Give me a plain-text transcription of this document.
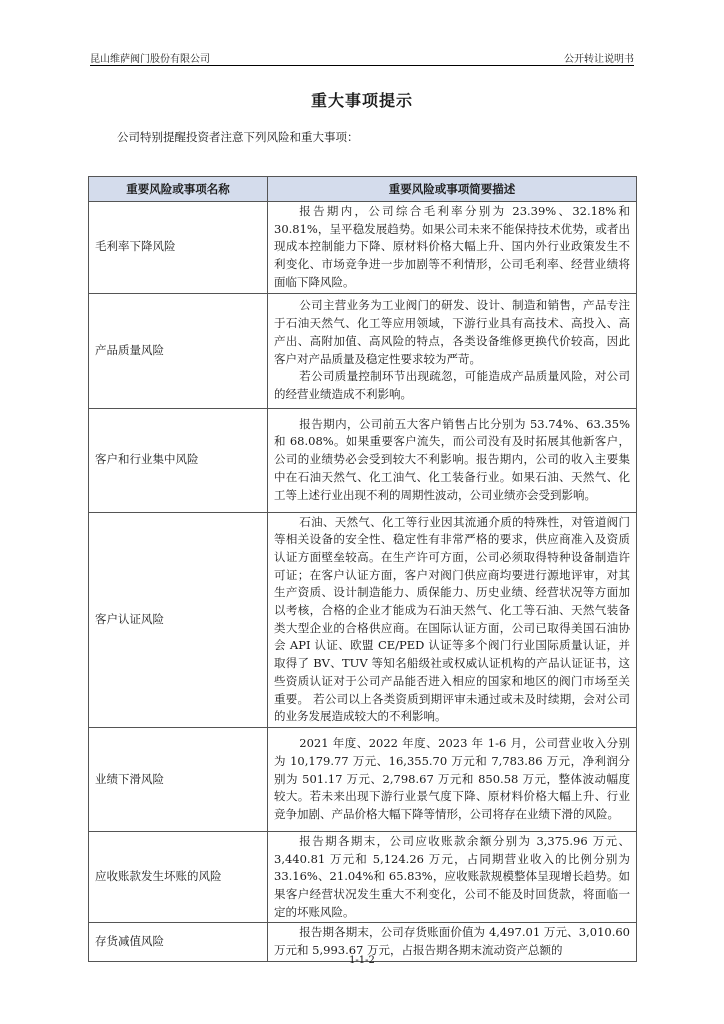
昆山维萨阀门股份有限公司	公开转让说明书
重大事项提示
公司特别提醒投资者注意下列风险和重大事项：
重要风险或事项名称	重要风险或事项简要描述
毛利率下降风险	报告期内，公司综合毛利率分别为 23.39%、32.18%和30.81%，呈平稳发展趋势。如果公司未来不能保持技术优势，或者出现成本控制能力下降、原材料价格大幅上升、国内外行业政策发生不利变化、市场竞争进一步加剧等不利情形，公司毛利率、经营业绩将面临下降风险。

产品质量风险	公司主营业务为工业阀门的研发、设计、制造和销售，产品专注于石油天然气、化工等应用领域，下游行业具有高技术、高投入、高产出、高附加值、高风险的特点，各类设备维修更换代价较高，因此客户对产品质量及稳定性要求较为严苛。

若公司质量控制环节出现疏忽，可能造成产品质量风险，对公司的经营业绩造成不利影响。

客户和行业集中风险	报告期内，公司前五大客户销售占比分别为 53.74%、63.35%和 68.08%。如果重要客户流失，而公司没有及时拓展其他新客户，公司的业绩势必会受到较大不利影响。报告期内，公司的收入主要集中在石油天然气、化工油气、化工装备行业。如果石油、天然气、化工等上述行业出现不利的周期性波动，公司业绩亦会受到影响。

客户认证风险	石油、天然气、化工等行业因其流通介质的特殊性，对管道阀门等相关设备的安全性、稳定性有非常严格的要求，供应商准入及资质认证方面壁垒较高。在生产许可方面，公司必须取得特种设备制造许可证；在客户认证方面，客户对阀门供应商均要进行源地评审，对其生产资质、设计制造能力、质保能力、历史业绩、经营状况等方面加以考核，合格的企业才能成为石油天然气、化工等石油、天然气装备类大型企业的合格供应商。在国际认证方面，公司已取得美国石油协会 API 认证、欧盟 CE/PED 认证等多个阀门行业国际质量认证，并取得了 BV、TUV 等知名船级社或权威认证机构的产品认证证书，这些资质认证对于公司产品能否进入相应的国家和地区的阀门市场至关重要。 若公司以上各类资质到期评审未通过或未及时续期，会对公司的业务发展造成较大的不利影响。

业绩下滑风险	2021 年度、2022 年度、2023 年 1-6 月，公司营业收入分别为 10,179.77 万元、16,355.70 万元和 7,783.86 万元，净利润分别为 501.17 万元、2,798.67 万元和 850.58 万元，整体波动幅度较大。若未来出现下游行业景气度下降、原材料价格大幅上升、行业竞争加剧、产品价格大幅下降等情形，公司将存在业绩下滑的风险。

应收账款发生坏账的风险	报告期各期末，公司应收账款余额分别为 3,375.96 万元、3,440.81 万元和 5,124.26 万元，占同期营业收入的比例分别为33.16%、21.04%和 65.83%，应收账款规模整体呈现增长趋势。如果客户经营状况发生重大不利变化，公司不能及时回货款，将面临一定的坏账风险。

存货减值风险	报告期各期末，公司存货账面价值为 4,497.01 万元、3,010.60 万元和 5,993.67 万元，占报告期各期末流动资产总额的

1-1-2
